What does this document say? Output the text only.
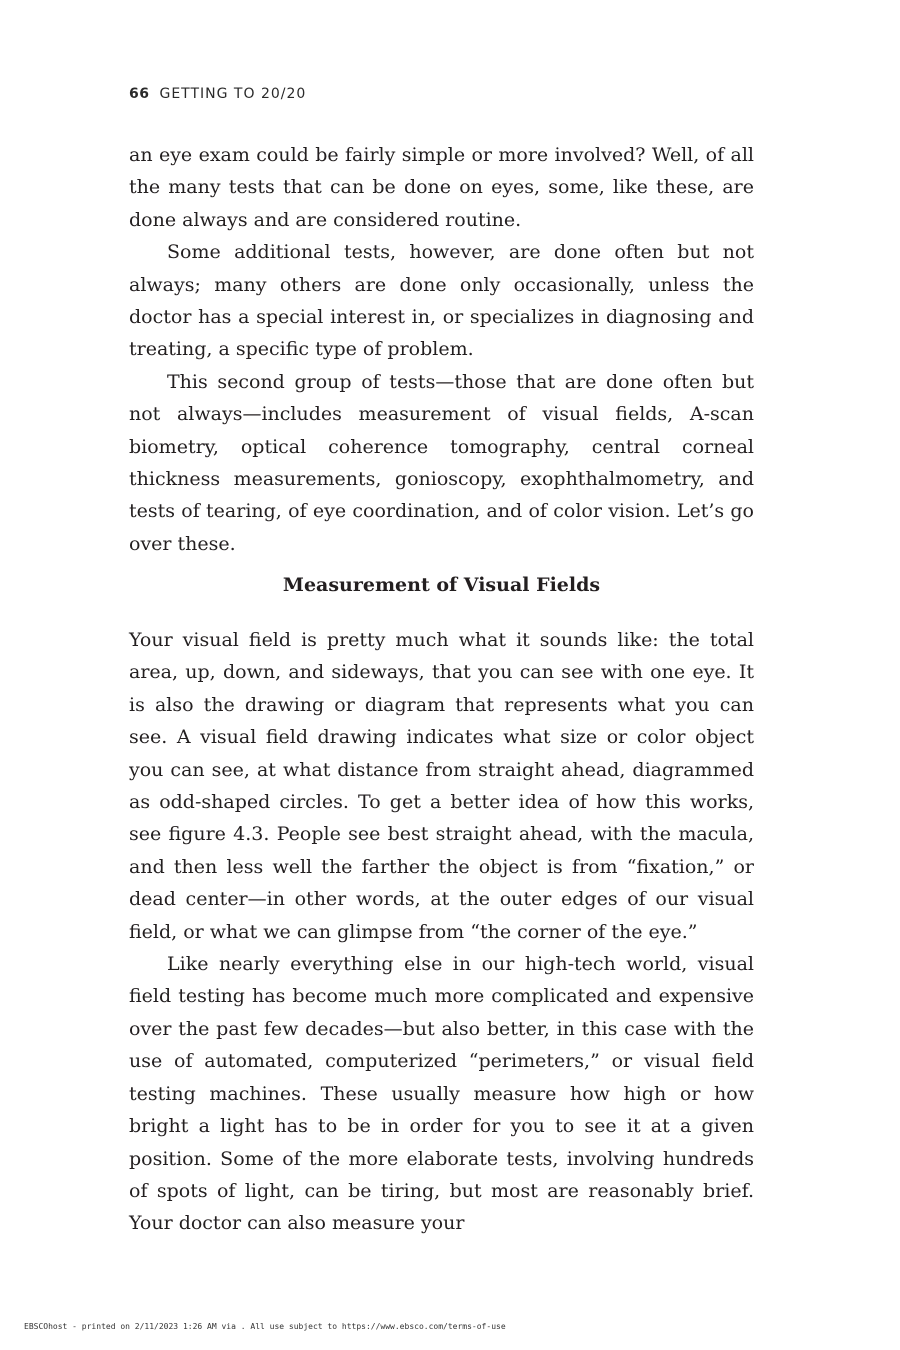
66 GETTING TO 20/20

an eye exam could be fairly simple or more involved? Well, of all the many tests that can be done on eyes, some, like these, are done always and are considered routine.

Some additional tests, however, are done often but not always; many others are done only occasionally, unless the doctor has a special interest in, or specializes in diagnosing and treating, a specific type of problem.

This second group of tests—those that are done often but not always—includes measurement of visual fields, A-scan biometry, optical coherence tomography, central corneal thickness measurements, gonioscopy, exophthalmometry, and tests of tearing, of eye coordination, and of color vision. Let’s go over these.

Measurement of Visual Fields

Your visual field is pretty much what it sounds like: the total area, up, down, and sideways, that you can see with one eye. It is also the drawing or diagram that represents what you can see. A visual field drawing indicates what size or color object you can see, at what distance from straight ahead, diagrammed as odd-shaped circles. To get a better idea of how this works, see figure 4.3. People see best straight ahead, with the macula, and then less well the farther the object is from “fixation,” or dead center—in other words, at the outer edges of our visual field, or what we can glimpse from “the corner of the eye.”

Like nearly everything else in our high-tech world, visual field testing has become much more complicated and expensive over the past few decades—but also better, in this case with the use of automated, computerized “perimeters,” or visual field testing machines. These usually measure how high or how bright a light has to be in order for you to see it at a given position. Some of the more elaborate tests, involving hundreds of spots of light, can be tiring, but most are reasonably brief. Your doctor can also measure your

EBSCOhost - printed on 2/11/2023 1:26 AM via . All use subject to https://www.ebsco.com/terms-of-use
